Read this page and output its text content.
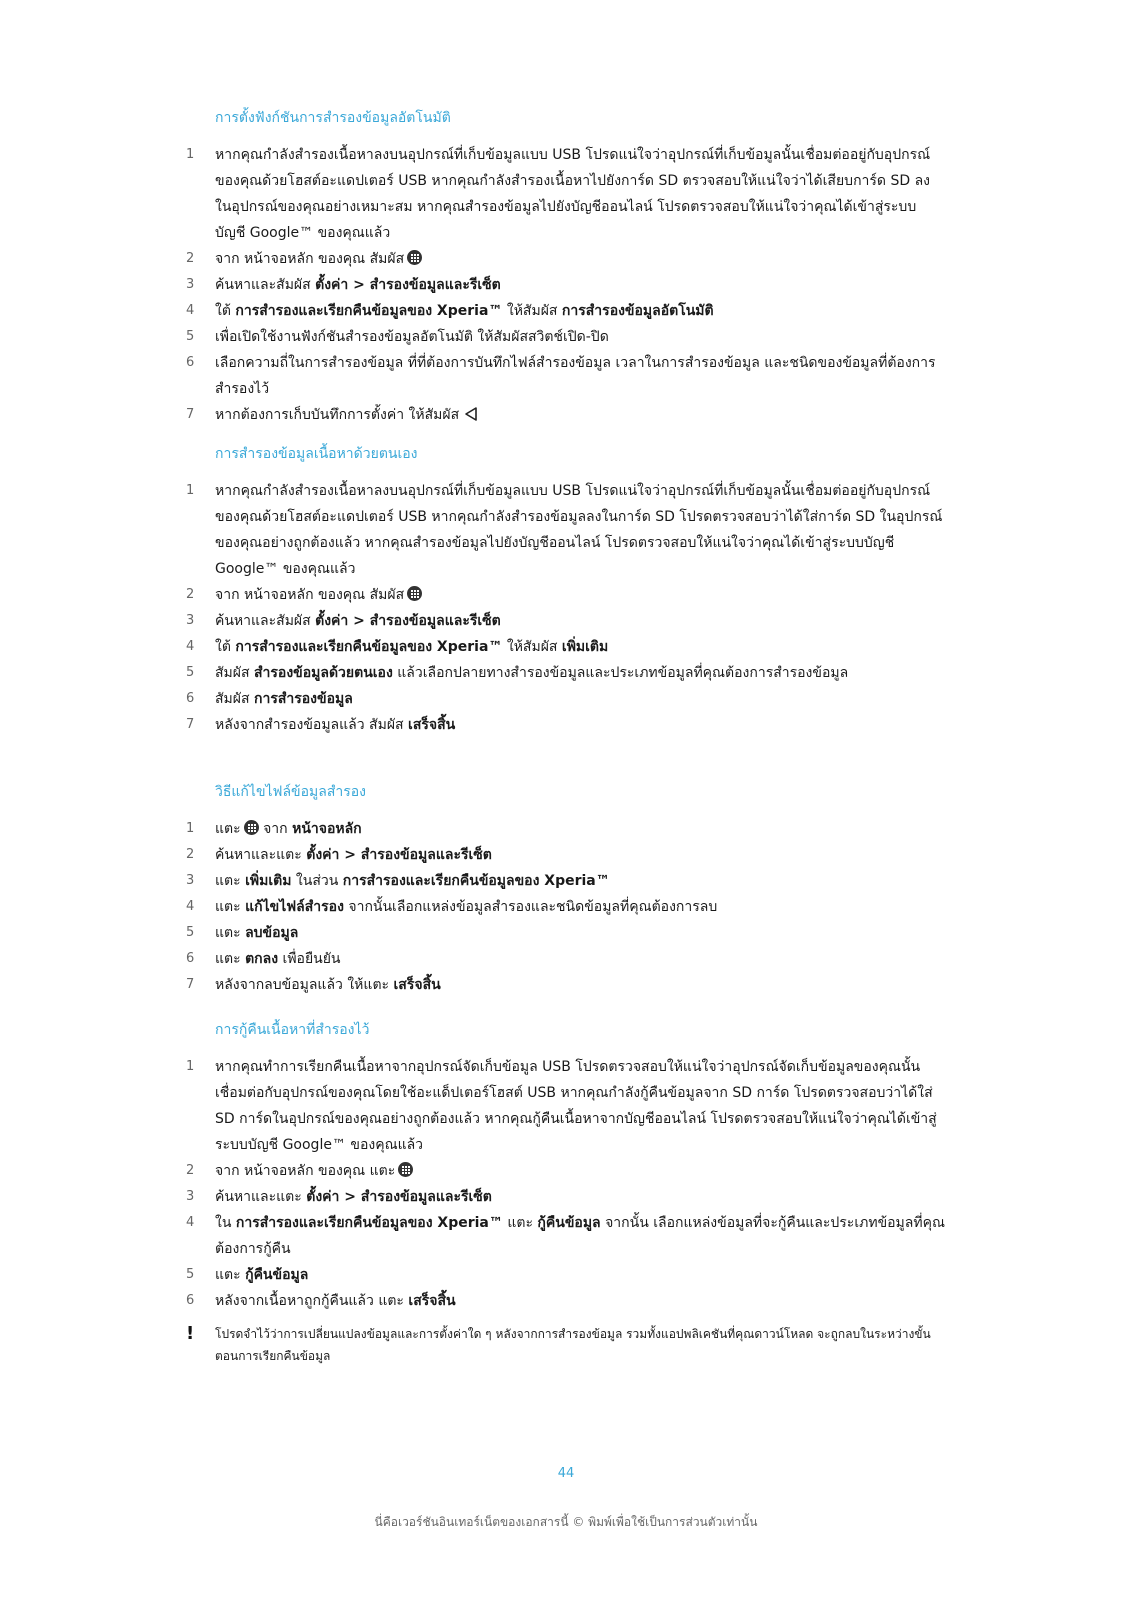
การตั้งฟังก์ชันการสำรองข้อมูลอัตโนมัติ
1	หากคุณกำลังสำรองเนื้อหาลงบนอุปกรณ์ที่เก็บข้อมูลแบบ USB โปรดแน่ใจว่าอุปกรณ์ที่เก็บข้อมูลนั้นเชื่อมต่ออยู่กับอุปกรณ์ของคุณด้วยโฮสต์อะแดปเตอร์ USB หากคุณกำลังสำรองเนื้อหาไปยังการ์ด SD ตรวจสอบให้แน่ใจว่าได้เสียบการ์ด SD ลงในอุปกรณ์ของคุณอย่างเหมาะสม หากคุณสำรองข้อมูลไปยังบัญชีออนไลน์ โปรดตรวจสอบให้แน่ใจว่าคุณได้เข้าสู่ระบบบัญชี Google™ ของคุณแล้ว
2	จาก หน้าจอหลัก ของคุณ สัมผัส
3	ค้นหาและสัมผัส ตั้งค่า > สำรองข้อมูลและรีเซ็ต
4	ใต้ การสำรองและเรียกคืนข้อมูลของ Xperia™ ให้สัมผัส การสำรองข้อมูลอัตโนมัติ
5	เพื่อเปิดใช้งานฟังก์ชันสำรองข้อมูลอัตโนมัติ ให้สัมผัสสวิตช์เปิด-ปิด
6	เลือกความถี่ในการสำรองข้อมูล ที่ที่ต้องการบันทึกไฟล์สำรองข้อมูล เวลาในการสำรองข้อมูล และชนิดของข้อมูลที่ต้องการสำรองไว้
7	หากต้องการเก็บบันทึกการตั้งค่า ให้สัมผัส
การสำรองข้อมูลเนื้อหาด้วยตนเอง
1	หากคุณกำลังสำรองเนื้อหาลงบนอุปกรณ์ที่เก็บข้อมูลแบบ USB โปรดแน่ใจว่าอุปกรณ์ที่เก็บข้อมูลนั้นเชื่อมต่ออยู่กับอุปกรณ์ของคุณด้วยโฮสต์อะแดปเตอร์ USB หากคุณกำลังสำรองข้อมูลลงในการ์ด SD โปรดตรวจสอบว่าได้ใส่การ์ด SD ในอุปกรณ์ของคุณอย่างถูกต้องแล้ว หากคุณสำรองข้อมูลไปยังบัญชีออนไลน์ โปรดตรวจสอบให้แน่ใจว่าคุณได้เข้าสู่ระบบบัญชี Google™ ของคุณแล้ว
2	จาก หน้าจอหลัก ของคุณ สัมผัส
3	ค้นหาและสัมผัส ตั้งค่า > สำรองข้อมูลและรีเซ็ต
4	ใต้ การสำรองและเรียกคืนข้อมูลของ Xperia™ ให้สัมผัส เพิ่มเติม
5	สัมผัส สำรองข้อมูลด้วยตนเอง แล้วเลือกปลายทางสำรองข้อมูลและประเภทข้อมูลที่คุณต้องการสำรองข้อมูล
6	สัมผัส การสำรองข้อมูล
7	หลังจากสำรองข้อมูลแล้ว สัมผัส เสร็จสิ้น
วิธีแก้ไขไฟล์ข้อมูลสำรอง
1	แตะ จาก หน้าจอหลัก
2	ค้นหาและแตะ ตั้งค่า > สำรองข้อมูลและรีเซ็ต
3	แตะ เพิ่มเติม ในส่วน การสำรองและเรียกคืนข้อมูลของ Xperia™
4	แตะ แก้ไขไฟล์สำรอง จากนั้นเลือกแหล่งข้อมูลสำรองและชนิดข้อมูลที่คุณต้องการลบ
5	แตะ ลบข้อมูล
6	แตะ ตกลง เพื่อยืนยัน
7	หลังจากลบข้อมูลแล้ว ให้แตะ เสร็จสิ้น
การกู้คืนเนื้อหาที่สำรองไว้
1	หากคุณทำการเรียกคืนเนื้อหาจากอุปกรณ์จัดเก็บข้อมูล USB โปรดตรวจสอบให้แน่ใจว่าอุปกรณ์จัดเก็บข้อมูลของคุณนั้นเชื่อมต่อกับอุปกรณ์ของคุณโดยใช้อะแด็ปเตอร์โฮสต์ USB หากคุณกำลังกู้คืนข้อมูลจาก SD การ์ด โปรดตรวจสอบว่าได้ใส่ SD การ์ดในอุปกรณ์ของคุณอย่างถูกต้องแล้ว หากคุณกู้คืนเนื้อหาจากบัญชีออนไลน์ โปรดตรวจสอบให้แน่ใจว่าคุณได้เข้าสู่ระบบบัญชี Google™ ของคุณแล้ว
2	จาก หน้าจอหลัก ของคุณ แตะ
3	ค้นหาและแตะ ตั้งค่า > สำรองข้อมูลและรีเซ็ต
4	ใน การสำรองและเรียกคืนข้อมูลของ Xperia™ แตะ กู้คืนข้อมูล จากนั้น เลือกแหล่งข้อมูลที่จะกู้คืนและประเภทข้อมูลที่คุณต้องการกู้คืน
5	แตะ กู้คืนข้อมูล
6	หลังจากเนื้อหาถูกกู้คืนแล้ว แตะ เสร็จสิ้น
! โปรดจำไว้ว่าการเปลี่ยนแปลงข้อมูลและการตั้งค่าใด ๆ หลังจากการสำรองข้อมูล รวมทั้งแอปพลิเคชันที่คุณดาวน์โหลด จะถูกลบในระหว่างขั้นตอนการเรียกคืนข้อมูล
44
นี่คือเวอร์ชันอินเทอร์เน็ตของเอกสารนี้ © พิมพ์เพื่อใช้เป็นการส่วนตัวเท่านั้น
